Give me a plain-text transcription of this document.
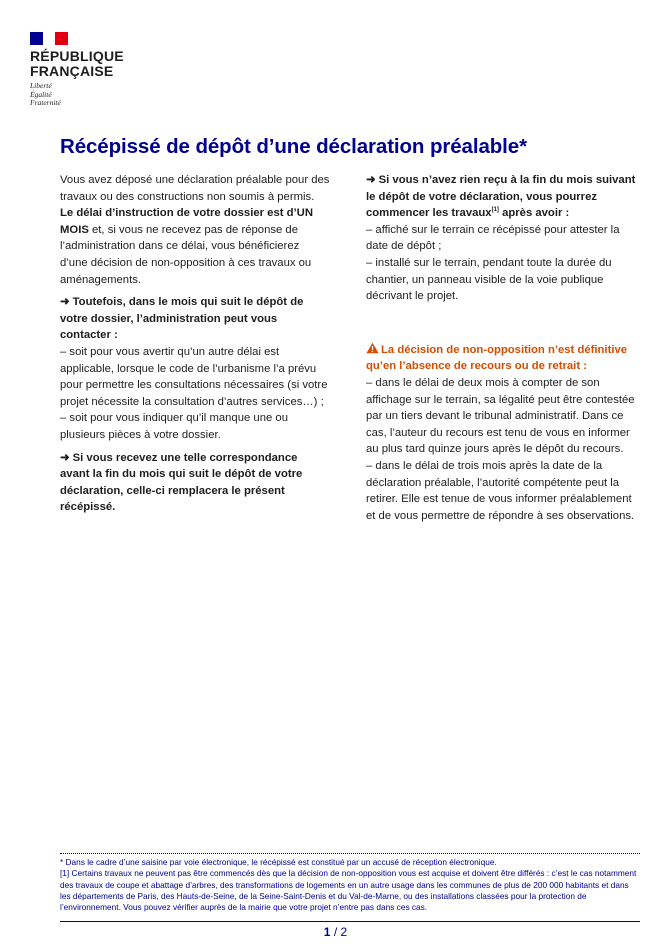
RÉPUBLIQUE
FRANÇAISE
Liberté
Égalité
Fraternité
Récépissé de dépôt d’une déclaration préalable*

Vous avez déposé une déclaration préalable pour des travaux ou des constructions non soumis à permis. Le délai d’instruction de votre dossier est d’UN MOIS et, si vous ne recevez pas de réponse de l’administration dans ce délai, vous bénéficierez d’une décision de non-opposition à ces travaux ou aménagements.

➜ Toutefois, dans le mois qui suit le dépôt de votre dossier, l’administration peut vous contacter :
– soit pour vous avertir qu’un autre délai est applicable, lorsque le code de l’urbanisme l’a prévu pour permettre les consultations nécessaires (si votre projet nécessite la consultation d’autres services…) ;
– soit pour vous indiquer qu’il manque une ou plusieurs pièces à votre dossier.

➜ Si vous recevez une telle correspondance avant la fin du mois qui suit le dépôt de votre déclaration, celle-ci remplacera le présent récépissé.

➜ Si vous n’avez rien reçu à la fin du mois suivant le dépôt de votre déclaration, vous pourrez commencer les travaux[1] après avoir :
– affiché sur le terrain ce récépissé pour attester la date de dépôt ;
– installé sur le terrain, pendant toute la durée du chantier, un panneau visible de la voie publique décrivant le projet.

La décision de non-opposition n’est définitive qu’en l’absence de recours ou de retrait :
– dans le délai de deux mois à compter de son affichage sur le terrain, sa légalité peut être contestée par un tiers devant le tribunal administratif. Dans ce cas, l’auteur du recours est tenu de vous en informer au plus tard quinze jours après le dépôt du recours.
– dans le délai de trois mois après la date de la déclaration préalable, l’autorité compétente peut la retirer. Elle est tenue de vous informer préalablement et de vous permettre de répondre à ses observations.

* Dans le cadre d’une saisine par voie électronique, le récépissé est constitué par un accusé de réception électronique.

[1] Certains travaux ne peuvent pas être commencés dès que la décision de non-opposition vous est acquise et doivent être différés : c’est le cas notamment des travaux de coupe et abattage d’arbres, des transformations de logements en un autre usage dans les communes de plus de 200 000 habitants et dans les départements de Paris, des Hauts-de-Seine, de la Seine-Saint-Denis et du Val-de-Marne, ou des installations classées pour la protection de l’environnement. Vous pouvez vérifier auprès de la mairie que votre projet n’entre pas dans ces cas.

1 / 2
